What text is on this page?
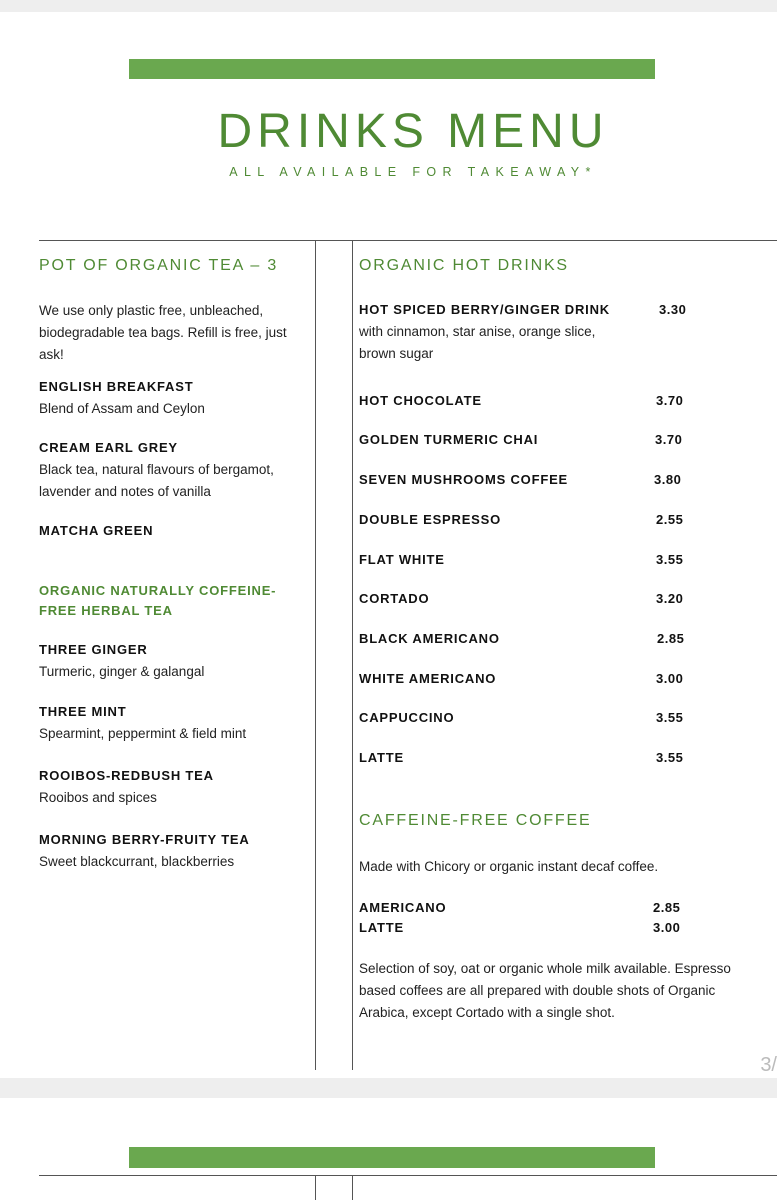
DRINKS MENU
ALL AVAILABLE FOR TAKEAWAY*
POT OF ORGANIC TEA – 3
We use only plastic free, unbleached, biodegradable tea bags. Refill is free, just ask!
ENGLISH BREAKFAST
Blend of Assam and Ceylon
CREAM EARL GREY
Black tea, natural flavours of bergamot, lavender and notes of vanilla
MATCHA GREEN
ORGANIC NATURALLY COFFEINE-FREE HERBAL TEA
THREE GINGER
Turmeric, ginger & galangal
THREE MINT
Spearmint, peppermint & field mint
ROOIBOS-REDBUSH TEA
Rooibos and spices
MORNING BERRY-FRUITY TEA
Sweet blackcurrant, blackberries
ORGANIC HOT DRINKS
HOT SPICED BERRY/GINGER DRINK	3.30
with cinnamon, star anise, orange slice, brown sugar
HOT CHOCOLATE	3.70
GOLDEN TURMERIC CHAI	3.70
SEVEN MUSHROOMS COFFEE	3.80
DOUBLE ESPRESSO	2.55
FLAT WHITE	3.55
CORTADO	3.20
BLACK AMERICANO	2.85
WHITE AMERICANO	3.00
CAPPUCCINO	3.55
LATTE	3.55
CAFFEINE-FREE COFFEE
Made with Chicory or organic instant decaf coffee.
AMERICANO	2.85
LATTE	3.00
Selection of soy, oat or organic whole milk available. Espresso based coffees are all prepared with double shots of Organic Arabica, except Cortado with a single shot.
3/
